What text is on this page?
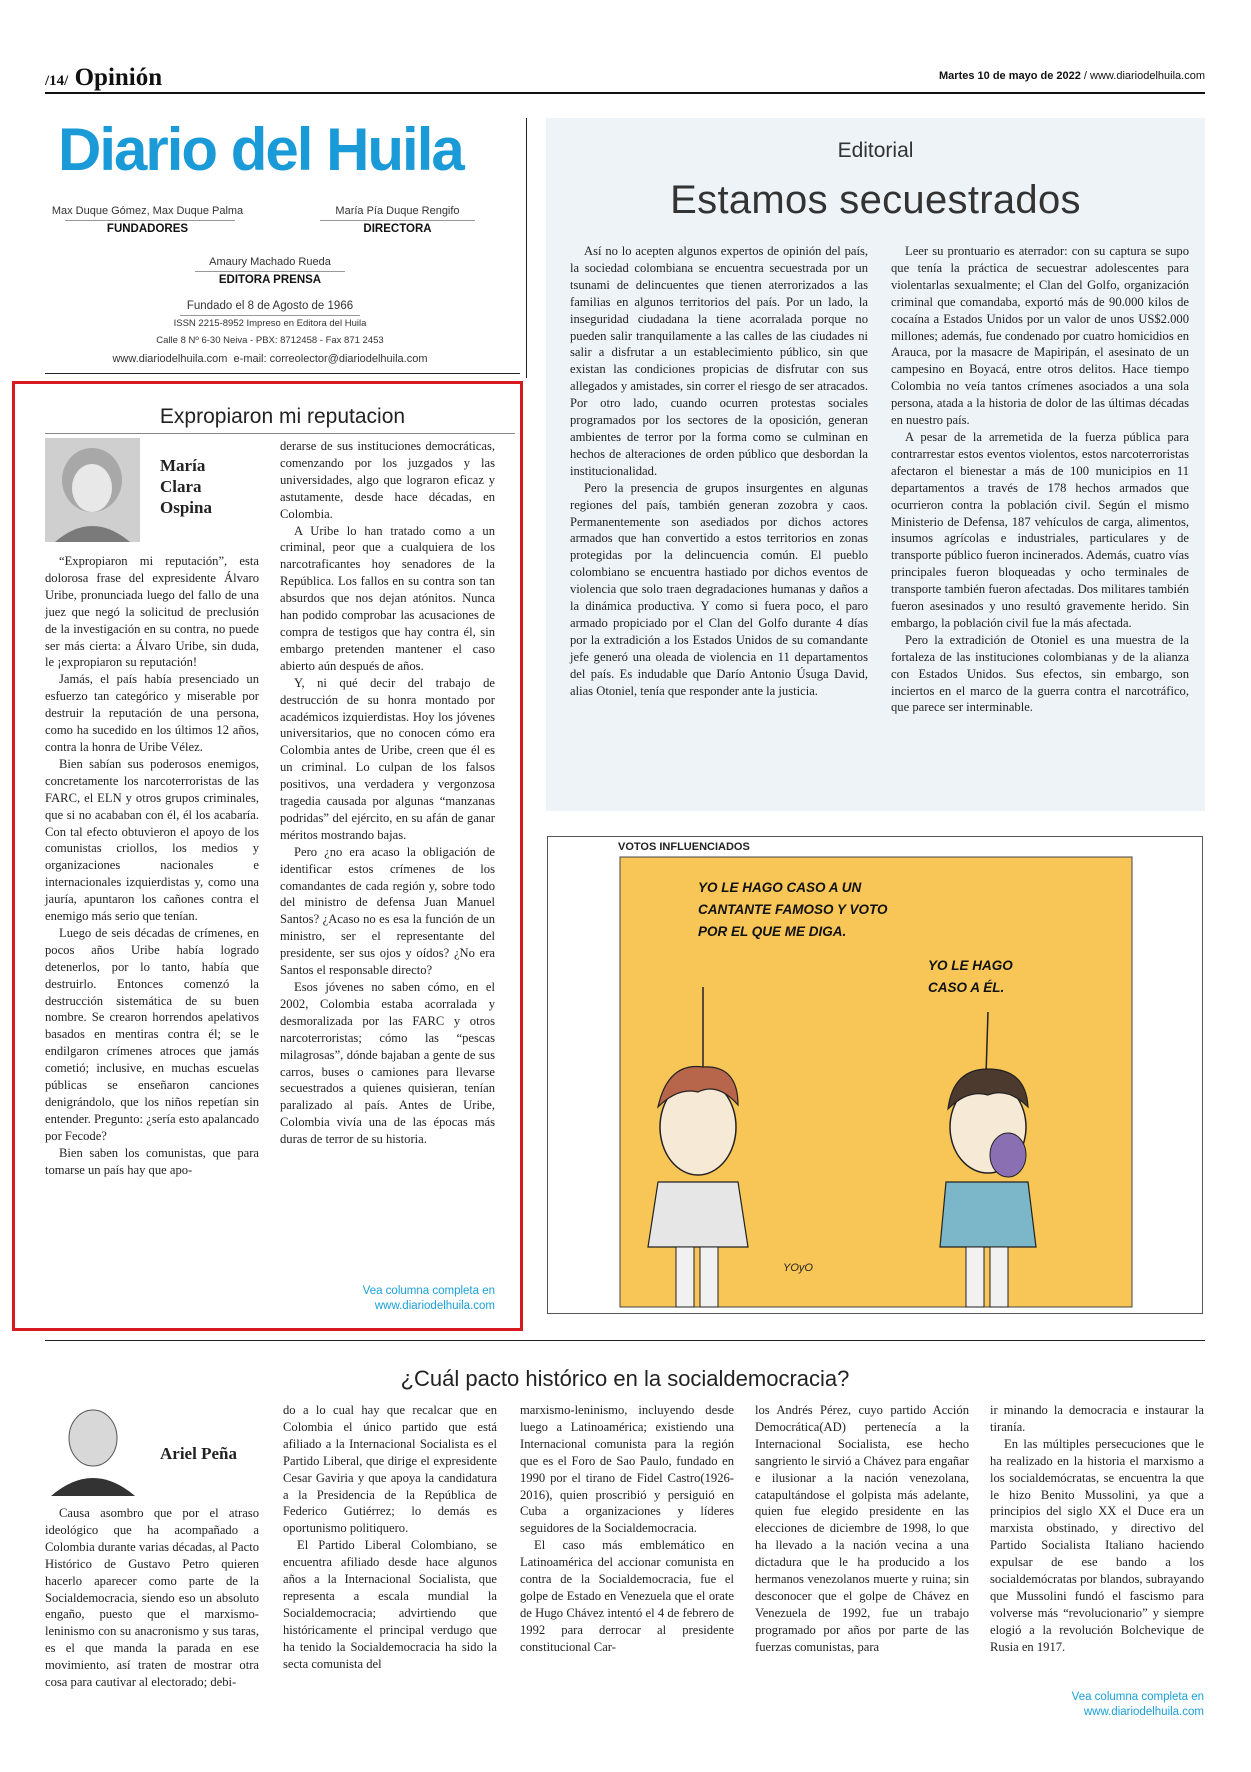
/14/ Opinión	Martes 10 de mayo de 2022 / www.diariodelhuila.com
Diario del Huila
Max Duque Gómez, Max Duque Palma
FUNDADORES
María Pía Duque Rengifo
DIRECTORA
Amaury Machado Rueda
EDITORA PRENSA
Fundado el 8 de Agosto de 1966
ISSN 2215-8952 Impreso en Editora del Huila
Calle 8 Nº 6-30 Neiva - PBX: 8712458 - Fax 871 2453
www.diariodelhuila.com e-mail: correolector@diariodelhuila.com
Editorial
Estamos secuestrados

Así no lo acepten algunos expertos de opinión del país, la sociedad colombiana se encuentra secuestrada por un tsunami de delincuentes que tienen aterrorizados a las familias en algunos territorios del país. Por un lado, la inseguridad ciudadana la tiene acorralada porque no pueden salir tranquilamente a las calles de las ciudades ni salir a disfrutar a un establecimiento público, sin que existan las condiciones propicias de disfrutar con sus allegados y amistades, sin correr el riesgo de ser atracados. Por otro lado, cuando ocurren protestas sociales programados por los sectores de la oposición, generan ambientes de terror por la forma como se culminan en hechos de alteraciones de orden público que desbordan la institucionalidad.

Pero la presencia de grupos insurgentes en algunas regiones del país, también generan zozobra y caos. Permanentemente son asediados por dichos actores armados que han convertido a estos territorios en zonas protegidas por la delincuencia común. El pueblo colombiano se encuentra hastiado por dichos eventos de violencia que solo traen degradaciones humanas y daños a la dinámica productiva. Y como si fuera poco, el paro armado propiciado por el Clan del Golfo durante 4 días por la extradición a los Estados Unidos de su comandante jefe generó una oleada de violencia en 11 departamentos del país. Es indudable que Darío Antonio Úsuga David, alias Otoniel, tenía que responder ante la justicia.

Leer su prontuario es aterrador: con su captura se supo que tenía la práctica de secuestrar adolescentes para violentarlas sexualmente; el Clan del Golfo, organización criminal que comandaba, exportó más de 90.000 kilos de cocaína a Estados Unidos por un valor de unos US$2.000 millones; además, fue condenado por cuatro homicidios en Arauca, por la masacre de Mapiripán, el asesinato de un campesino en Boyacá, entre otros delitos. Hace tiempo Colombia no veía tantos crímenes asociados a una sola persona, atada a la historia de dolor de las últimas décadas en nuestro país.

A pesar de la arremetida de la fuerza pública para contrarrestar estos eventos violentos, estos narcoterroristas afectaron el bienestar a más de 100 municipios en 11 departamentos a través de 178 hechos armados que ocurrieron contra la población civil. Según el mismo Ministerio de Defensa, 187 vehículos de carga, alimentos, insumos agrícolas e industriales, particulares y de transporte público fueron incinerados. Además, cuatro vías principales fueron bloqueadas y ocho terminales de transporte también fueron afectadas. Dos militares también fueron asesinados y uno resultó gravemente herido. Sin embargo, la población civil fue la más afectada.

Pero la extradición de Otoniel es una muestra de la fortaleza de las instituciones colombianas y de la alianza con Estados Unidos. Sus efectos, sin embargo, son inciertos en el marco de la guerra contra el narcotráfico, que parece ser interminable.

Expropiaron mi reputacion
María Clara Ospina

“Expropiaron mi reputación”, esta dolorosa frase del expresidente Álvaro Uribe, pronunciada luego del fallo de una juez que negó la solicitud de preclusión de la investigación en su contra, no puede ser más cierta: a Álvaro Uribe, sin duda, le ¡expropiaron su reputación!

Jamás, el país había presenciado un esfuerzo tan categórico y miserable por destruir la reputación de una persona, como ha sucedido en los últimos 12 años, contra la honra de Uribe Vélez.

Bien sabían sus poderosos enemigos, concretamente los narcoterroristas de las FARC, el ELN y otros grupos criminales, que si no acababan con él, él los acabaría. Con tal efecto obtuvieron el apoyo de los comunistas criollos, los medios y organizaciones nacionales e internacionales izquierdistas y, como una jauría, apuntaron los cañones contra el enemigo más serio que tenían.

Luego de seis décadas de crímenes, en pocos años Uribe había logrado detenerlos, por lo tanto, había que destruirlo. Entonces comenzó la destrucción sistemática de su buen nombre. Se crearon horrendos apelativos basados en mentiras contra él; se le endilgaron crímenes atroces que jamás cometió; inclusive, en muchas escuelas públicas se enseñaron canciones denigrándolo, que los niños repetían sin entender. Pregunto: ¿sería esto apalancado por Fecode?

Bien saben los comunistas, que para tomarse un país hay que apo-

derarse de sus instituciones democráticas, comenzando por los juzgados y las universidades, algo que lograron eficaz y astutamente, desde hace décadas, en Colombia.

A Uribe lo han tratado como a un criminal, peor que a cualquiera de los narcotraficantes hoy senadores de la República. Los fallos en su contra son tan absurdos que nos dejan atónitos. Nunca han podido comprobar las acusaciones de compra de testigos que hay contra él, sin embargo pretenden mantener el caso abierto aún después de años.

Y, ni qué decir del trabajo de destrucción de su honra montado por académicos izquierdistas. Hoy los jóvenes universitarios, que no conocen cómo era Colombia antes de Uribe, creen que él es un criminal. Lo culpan de los falsos positivos, una verdadera y vergonzosa tragedia causada por algunas “manzanas podridas” del ejército, en su afán de ganar méritos mostrando bajas.

Pero ¿no era acaso la obligación de identificar estos crímenes de los comandantes de cada región y, sobre todo del ministro de defensa Juan Manuel Santos? ¿Acaso no es esa la función de un ministro, ser el representante del presidente, ser sus ojos y oídos? ¿No era Santos el responsable directo?

Esos jóvenes no saben cómo, en el 2002, Colombia estaba acorralada y desmoralizada por las FARC y otros narcoterroristas; cómo las “pescas milagrosas”, dónde bajaban a gente de sus carros, buses o camiones para llevarse secuestrados a quienes quisieran, tenían paralizado al país. Antes de Uribe, Colombia vivía una de las épocas más duras de terror de su historia.

Vea columna completa en
www.diariodelhuila.com
VOTOS INFLUENCIADOS
YO LE HAGO CASO A UN CANTANTE FAMOSO Y VOTO POR EL QUE ME DIGA.
YO LE HAGO CASO A ÉL.
YOyO
¿Cuál pacto histórico en la socialdemocracia?
Ariel Peña

Causa asombro que por el atraso ideológico que ha acompañado a Colombia durante varias décadas, al Pacto Histórico de Gustavo Petro quieren hacerlo aparecer como parte de la Socialdemocracia, siendo eso un absoluto engaño, puesto que el marxismo-leninismo con su anacronismo y sus taras, es el que manda la parada en ese movimiento, así traten de mostrar otra cosa para cautivar al electorado; debi-

do a lo cual hay que recalcar que en Colombia el único partido que está afiliado a la Internacional Socialista es el Partido Liberal, que dirige el expresidente Cesar Gaviria y que apoya la candidatura a la Presidencia de la República de Federico Gutiérrez; lo demás es oportunismo politiquero.

El Partido Liberal Colombiano, se encuentra afiliado desde hace algunos años a la Internacional Socialista, que representa a escala mundial la Socialdemocracia; advirtiendo que históricamente el principal verdugo que ha tenido la Socialdemocracia ha sido la secta comunista del

marxismo-leninismo, incluyendo desde luego a Latinoamérica; existiendo una Internacional comunista para la región que es el Foro de Sao Paulo, fundado en 1990 por el tirano de Fidel Castro(1926-2016), quien proscribió y persiguió en Cuba a organizaciones y líderes seguidores de la Socialdemocracia.

El caso más emblemático en Latinoamérica del accionar comunista en contra de la Socialdemocracia, fue el golpe de Estado en Venezuela que el orate de Hugo Chávez intentó el 4 de febrero de 1992 para derrocar al presidente constitucional Car-

los Andrés Pérez, cuyo partido Acción Democrática(AD) pertenecía a la Internacional Socialista, ese hecho sangriento le sirvió a Chávez para engañar e ilusionar a la nación venezolana, catapultándose el golpista más adelante, quien fue elegido presidente en las elecciones de diciembre de 1998, lo que ha llevado a la nación vecina a una dictadura que le ha producido a los hermanos venezolanos muerte y ruina; sin desconocer que el golpe de Chávez en Venezuela de 1992, fue un trabajo programado por años por parte de las fuerzas comunistas, para

ir minando la democracia e instaurar la tiranía.

En las múltiples persecuciones que le ha realizado en la historia el marxismo a los socialdemócratas, se encuentra la que le hizo Benito Mussolini, ya que a principios del siglo XX el Duce era un marxista obstinado, y directivo del Partido Socialista Italiano haciendo expulsar de ese bando a los socialdemócratas por blandos, subrayando que Mussolini fundó el fascismo para volverse más “revolucionario” y siempre elogió a la revolución Bolchevique de Rusia en 1917.

Vea columna completa en
www.diariodelhuila.com
